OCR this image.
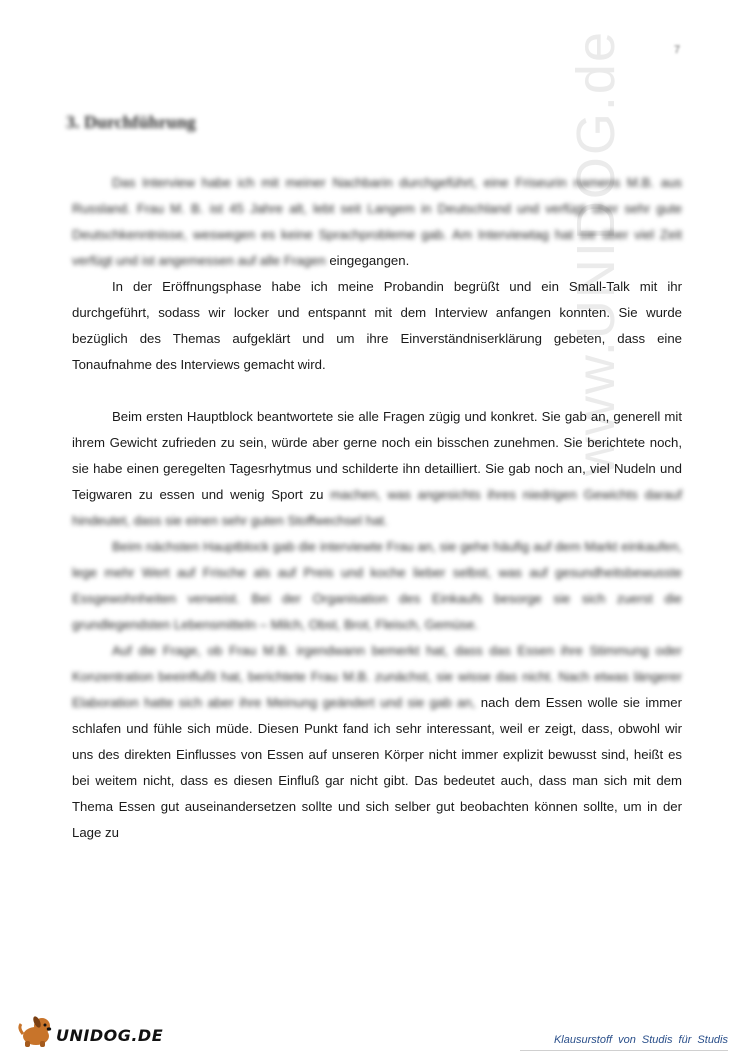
7
3. Durchführung	www.UNIDOG.de

Das Interview habe ich mit meiner Nachbarin durchgeführt, eine Friseurin namens M.B. aus Russland. Frau M. B. ist 45 Jahre alt, lebt seit Langem in Deutschland und verfügt über sehr gute Deutschkenntnisse, weswegen es keine Sprachprobleme gab. Am Interviewtag hat sie über viel Zeit verfügt und ist angemessen auf alle Fragen eingegangen.

In der Eröffnungsphase habe ich meine Probandin begrüßt und ein Small-Talk mit ihr durchgeführt, sodass wir locker und entspannt mit dem Interview anfangen konnten. Sie wurde bezüglich des Themas aufgeklärt und um ihre Einverständniserklärung gebeten, dass eine Tonaufnahme des Interviews gemacht wird.

Beim ersten Hauptblock beantwortete sie alle Fragen zügig und konkret. Sie gab an, generell mit ihrem Gewicht zufrieden zu sein, würde aber gerne noch ein bisschen zunehmen. Sie berichtete noch, sie habe einen geregelten Tagesrhytmus und schilderte ihn detailliert. Sie gab noch an, viel Nudeln und Teigwaren zu essen und wenig Sport zu machen, was angesichts ihres niedrigen Gewichts darauf hindeutet, dass sie einen sehr guten Stoffwechsel hat.

Beim nächsten Hauptblock gab die interviewte Frau an, sie gehe häufig auf dem Markt einkaufen, lege mehr Wert auf Frische als auf Preis und koche lieber selbst, was auf gesundheitsbewusste Essgewohnheiten verweist. Bei der Organisation des Einkaufs besorge sie sich zuerst die grundlegendsten Lebensmitteln – Milch, Obst, Brot, Fleisch, Gemüse.

Auf die Frage, ob Frau M.B. irgendwann bemerkt hat, dass das Essen ihre Stimmung oder Konzentration beeinflußt hat, berichtete Frau M.B. zunächst, sie wisse das nicht. Nach etwas längerer Elaboration hatte sich aber ihre Meinung geändert und sie gab an, nach dem Essen wolle sie immer schlafen und fühle sich müde. Diesen Punkt fand ich sehr interessant, weil er zeigt, dass, obwohl wir uns des direkten Einflusses von Essen auf unseren Körper nicht immer explizit bewusst sind, heißt es bei weitem nicht, dass es diesen Einfluß gar nicht gibt. Das bedeutet auch, dass man sich mit dem Thema Essen gut auseinandersetzen sollte und sich selber gut beobachten können sollte, um in der Lage zu

UNIDOG.DE	Klausurstoff von Studis für Studis
